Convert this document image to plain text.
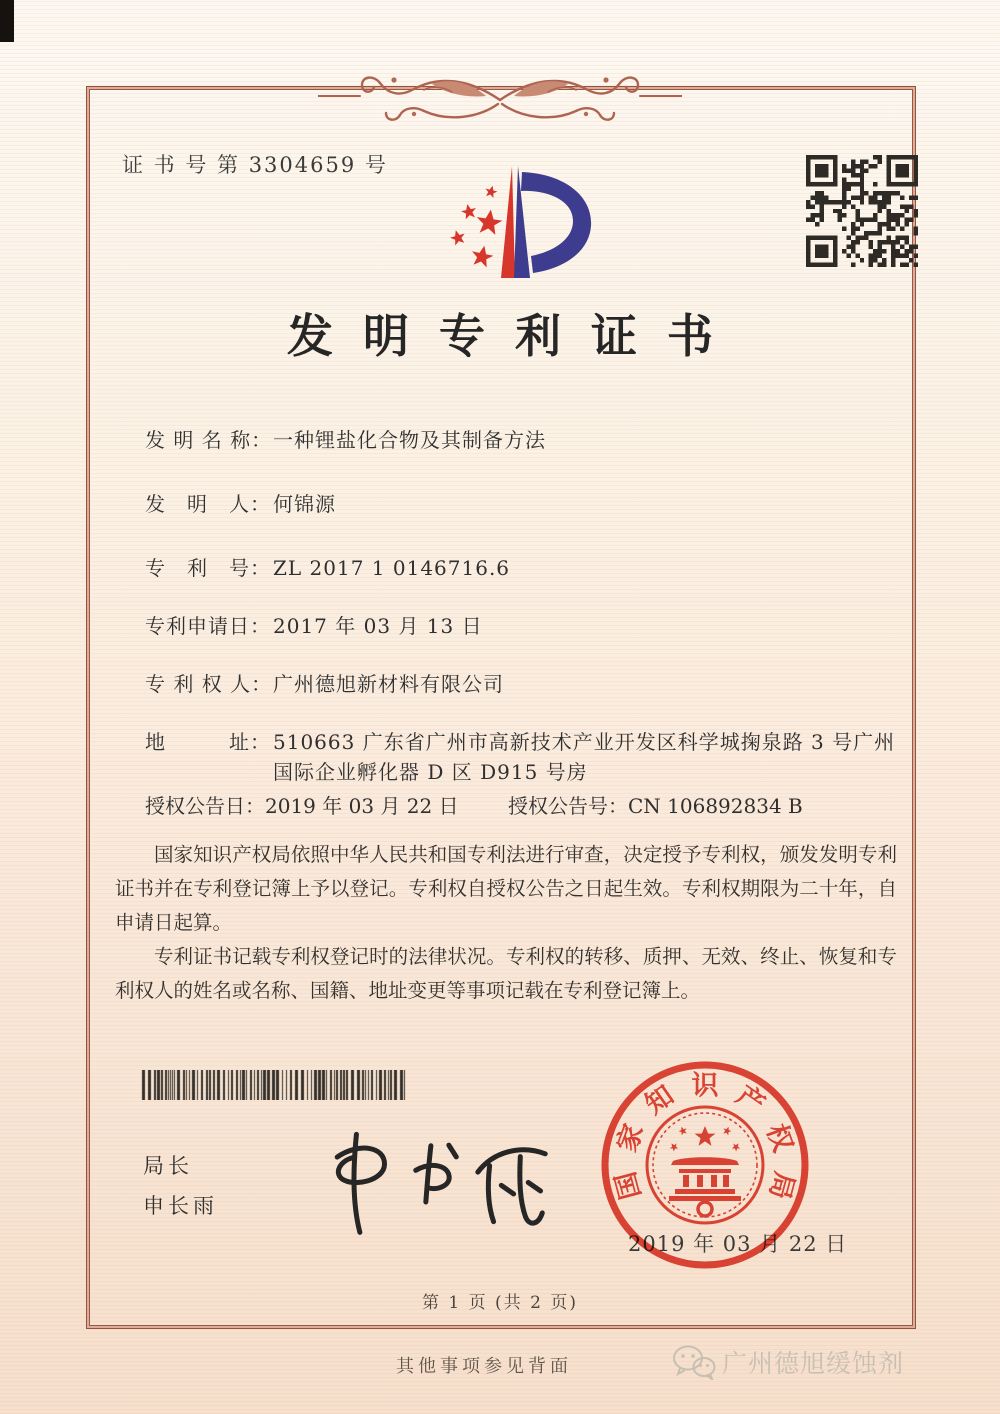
证 书 号 第 3304659 号
发明专利证书
发 明 名 称： 一种锂盐化合物及其制备方法
发　明　人： 何锦源
专　利　号： ZL 2017 1 0146716.6
专利申请日： 2017 年 03 月 13 日
专 利 权 人： 广州德旭新材料有限公司
地　　　址： 510663 广东省广州市高新技术产业开发区科学城掬泉路 3 号广州国际企业孵化器 D 区 D915 号房
授权公告日： 2019 年 03 月 22 日 授权公告号： CN 106892834 B

国家知识产权局依照中华人民共和国专利法进行审查，决定授予专利权，颁发发明专利证书并在专利登记簿上予以登记。专利权自授权公告之日起生效。专利权期限为二十年，自申请日起算。

专利证书记载专利权登记时的法律状况。专利权的转移、质押、无效、终止、恢复和专利权人的姓名或名称、国籍、地址变更等事项记载在专利登记簿上。

局长
申长雨
2019 年 03 月 22 日
国
家
知 识 产
权
局
第 1 页 (共 2 页)
其他事项参见背面	广州德旭缓蚀剂
